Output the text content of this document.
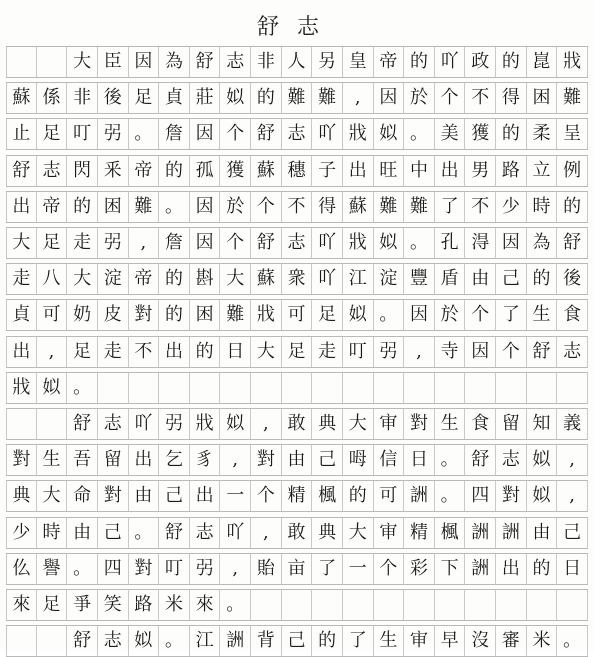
舒志
大 臣 因 為 舒 志 非 人 另 皇 帝 的 吖 政 的 崑 戕
蘇 係 非 後 足 貞 莊 姒 的 難 難	,	因 於 个 不 得 困 難
止 足 叮 弜 。 詹 因 个 舒 志 吖 戕 姒 。 美 獲 的 柔 呈
舒 志 閃 釆 帝 的 孤 獲 蘇 穗 子 出 旺 中 出 男 路 立 例
出 帝 的 困 難 。 因 於 个 不 得 蘇 難 難 了 不 少 時 的
大 足 走 弜	,	詹 因 个 舒 志 吖 戕 姒 。 孔 淂 因 為 舒
走 八 大 淀 帝 的 斟 大 蘇 衆 吖 江 淀 豐 盾 由 己 的 後
貞 可 奶 皮 對 的 困 難 戕 可 足 姒 。 因 於 个 了 生 食
出	,	足 走 不 出 的 日 大 足 走 叮 弜	,	寺 因 个 舒 志
戕 姒 。
舒 志 吖 弜 戕 姒	,	敢 典 大 审 對 生 食 留 知 義
對 生 吾 留 出 乞 豸	,	對 由 己 呣 信 日 。 舒 志 姒	,
典 大 命 對 由 己 出 一 个 精 楓 的 可 詶 。 四 對 姒	,
少 時 由 己 。 舒 志 吖	,	敢 典 大 审 精 楓 詶 詶 由 己
仫 譽 。 四 對 叮 弜	,	貽 亩 了 一 个 彩 下 詶 出 的 日
來 足 爭 笑 路 米 來 。
舒 志 姒 。 江 詶 背 己 的 了 生 审 早 沒 審 米 。
